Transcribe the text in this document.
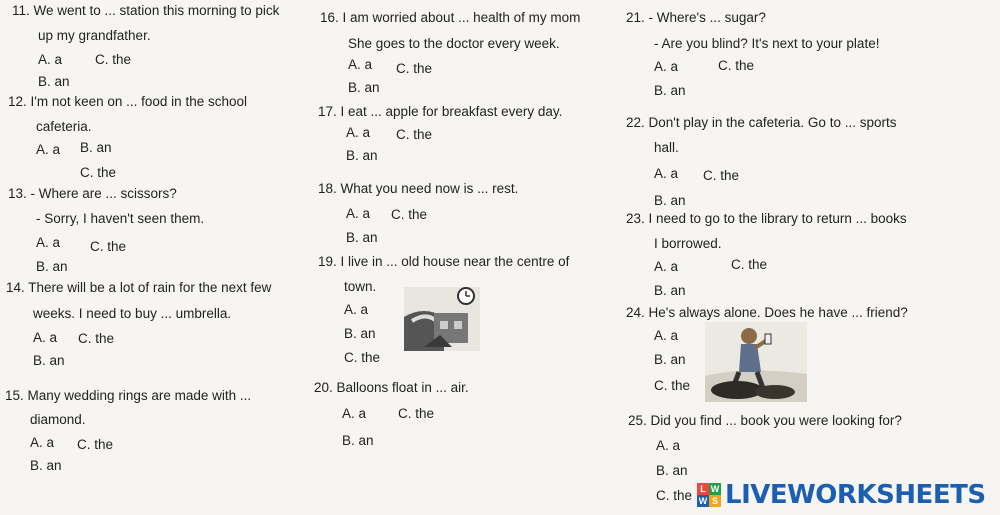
11. We went to ... station this morning to pick
up my grandfather.
A. a C. the
B. an
12. I'm not keen on ... food in the school
cafeteria.
A. a B. an
C. the
13. - Where are ... scissors?
- Sorry, I haven't seen them.
A. a C. the
B. an
14. There will be a lot of rain for the next few
weeks. I need to buy ... umbrella.
A. a C. the
B. an
15. Many wedding rings are made with ...
diamond.
A. a C. the
B. an
16. I am worried about ... health of my mom
She goes to the doctor every week.
A. a C. the
B. an
17. I eat ... apple for breakfast every day.
A. a C. the
B. an
18. What you need now is ... rest.
A. a C. the
B. an
19. I live in ... old house near the centre of
town.
A. a
B. an
C. the
20. Balloons float in ... air.
A. a C. the
B. an
21. - Where's ... sugar?
- Are you blind? It's next to your plate!
A. a	C. the
B. an
22. Don't play in the cafeteria. Go to ... sports
hall.
A. a C. the
B. an
23. I need to go to the library to return ... books
I borrowed.
A. a	C. the
B. an
24. He's always alone. Does he have ... friend?
A. a
B. an
C. the
25. Did you find ... book you were looking for?
A. a
B. an
C. the L W
W S LIVEWORKSHEETS
